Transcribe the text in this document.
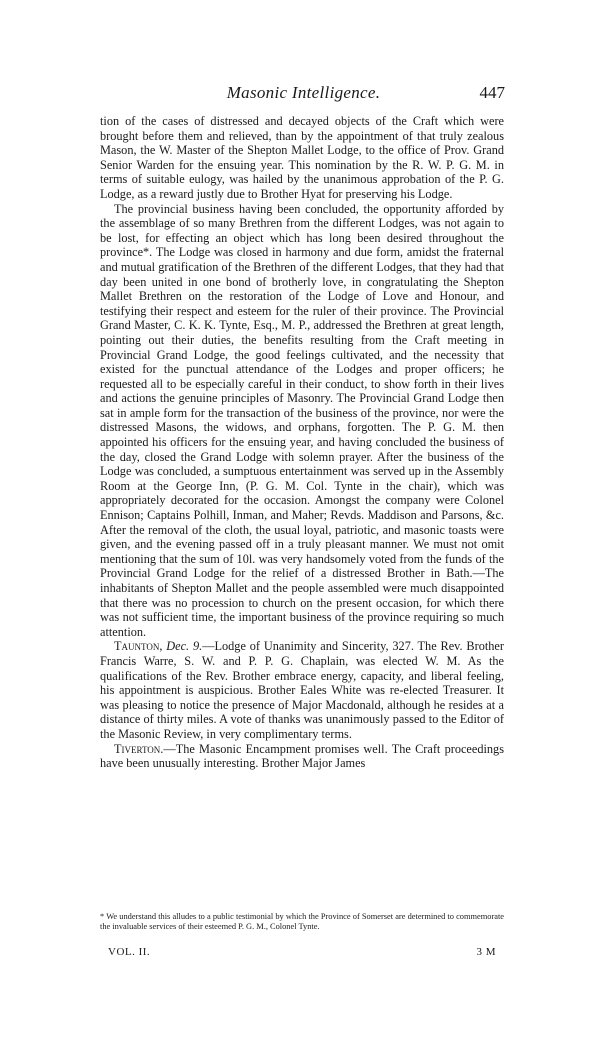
Masonic Intelligence.	447

tion of the cases of distressed and decayed objects of the Craft which were brought before them and relieved, than by the appointment of that truly zealous Mason, the W. Master of the Shepton Mallet Lodge, to the office of Prov. Grand Senior Warden for the ensuing year. This nomination by the R. W. P. G. M. in terms of suitable eulogy, was hailed by the unanimous approbation of the P. G. Lodge, as a reward justly due to Brother Hyat for preserving his Lodge.

The provincial business having been concluded, the opportunity afforded by the assemblage of so many Brethren from the different Lodges, was not again to be lost, for effecting an object which has long been desired throughout the province*. The Lodge was closed in harmony and due form, amidst the fraternal and mutual gratification of the Brethren of the different Lodges, that they had that day been united in one bond of brotherly love, in congratulating the Shepton Mallet Brethren on the restoration of the Lodge of Love and Honour, and testifying their respect and esteem for the ruler of their province. The Provincial Grand Master, C. K. K. Tynte, Esq., M. P., addressed the Brethren at great length, pointing out their duties, the benefits resulting from the Craft meeting in Provincial Grand Lodge, the good feelings cultivated, and the necessity that existed for the punctual attendance of the Lodges and proper officers; he requested all to be especially careful in their conduct, to show forth in their lives and actions the genuine principles of Masonry. The Provincial Grand Lodge then sat in ample form for the transaction of the business of the province, nor were the distressed Masons, the widows, and orphans, forgotten. The P. G. M. then appointed his officers for the ensuing year, and having concluded the business of the day, closed the Grand Lodge with solemn prayer. After the business of the Lodge was concluded, a sumptuous entertainment was served up in the Assembly Room at the George Inn, (P. G. M. Col. Tynte in the chair), which was appropriately decorated for the occasion. Amongst the company were Colonel Ennison; Captains Polhill, Inman, and Maher; Revds. Maddison and Parsons, &c. After the removal of the cloth, the usual loyal, patriotic, and masonic toasts were given, and the evening passed off in a truly pleasant manner. We must not omit mentioning that the sum of 10l. was very handsomely voted from the funds of the Provincial Grand Lodge for the relief of a distressed Brother in Bath.—The inhabitants of Shepton Mallet and the people assembled were much disappointed that there was no procession to church on the present occasion, for which there was not sufficient time, the important business of the province requiring so much attention.

Taunton, Dec. 9.—Lodge of Unanimity and Sincerity, 327. The Rev. Brother Francis Warre, S. W. and P. P. G. Chaplain, was elected W. M. As the qualifications of the Rev. Brother embrace energy, capacity, and liberal feeling, his appointment is auspicious. Brother Eales White was re-elected Treasurer. It was pleasing to notice the presence of Major Macdonald, although he resides at a distance of thirty miles. A vote of thanks was unanimously passed to the Editor of the Masonic Review, in very complimentary terms.

Tiverton.—The Masonic Encampment promises well. The Craft proceedings have been unusually interesting. Brother Major James

* We understand this alludes to a public testimonial by which the Province of Somerset are determined to commemorate the invaluable services of their esteemed P. G. M., Colonel Tynte.
VOL. II.	3 M
